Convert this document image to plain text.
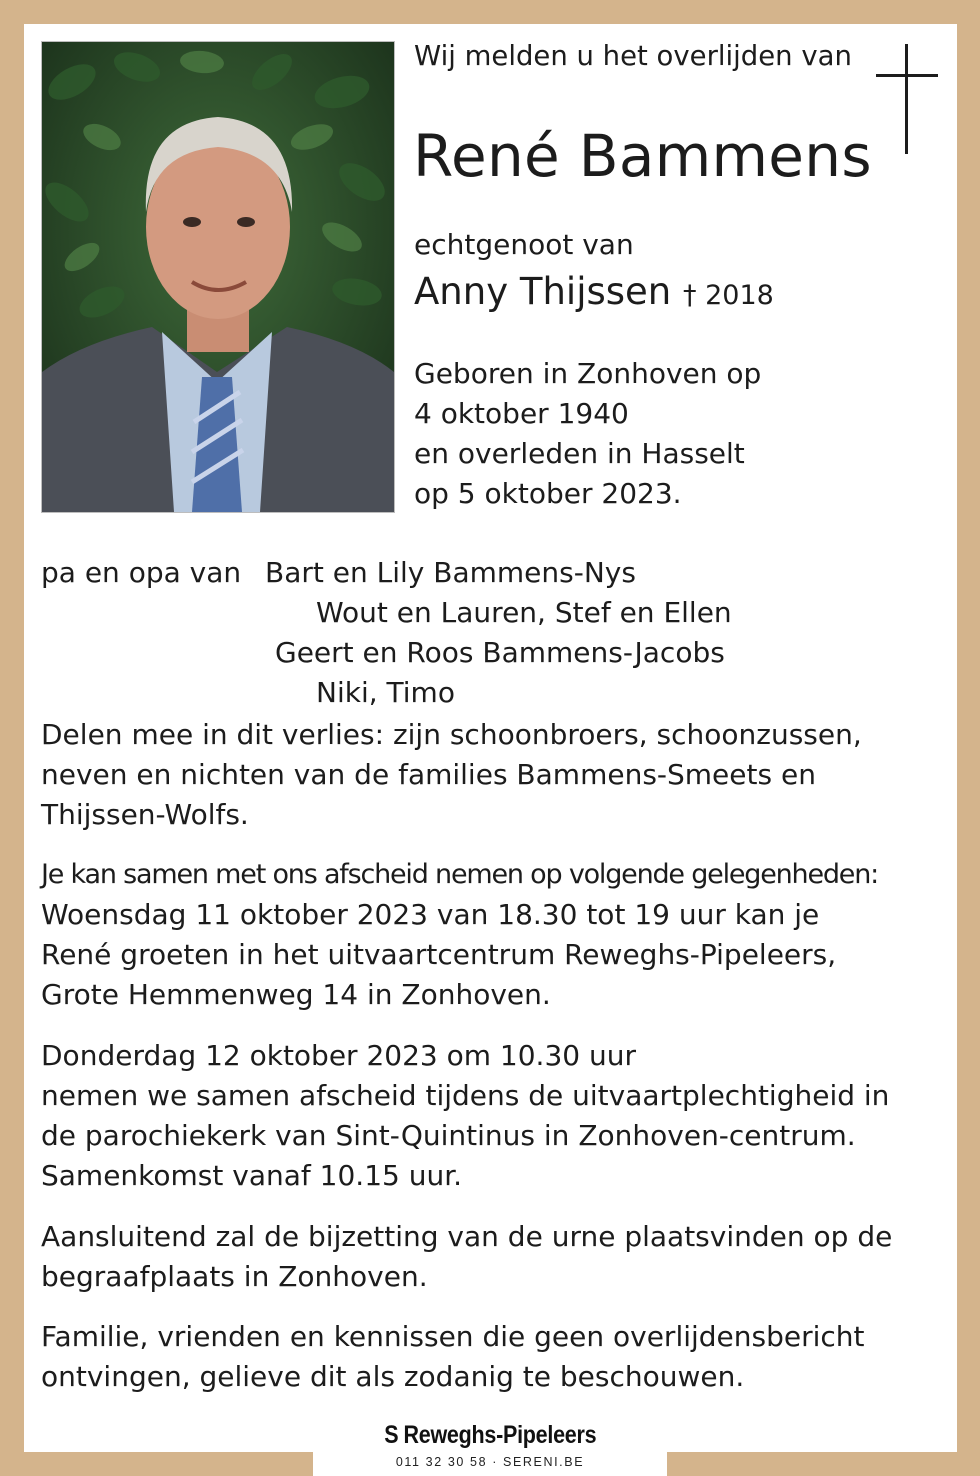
Wij melden u het overlijden van
René Bammens
echtgenoot van
Anny Thijssen † 2018
Geboren in Zonhoven op
4 oktober 1940
en overleden in Hasselt
op 5 oktober 2023.
pa en opa van Bart en Lily Bammens-Nys
Wout en Lauren, Stef en Ellen
Geert en Roos Bammens-Jacobs
Niki, Timo
Delen mee in dit verlies: zijn schoonbroers, schoonzussen,
neven en nichten van de families Bammens-Smeets en
Thijssen-Wolfs.
Je kan samen met ons afscheid nemen op volgende gelegenheden:
Woensdag 11 oktober 2023 van 18.30 tot 19 uur kan je
René groeten in het uitvaartcentrum Reweghs-Pipeleers,
Grote Hemmenweg 14 in Zonhoven.
Donderdag 12 oktober 2023 om 10.30 uur
nemen we samen afscheid tijdens de uitvaartplechtigheid in
de parochiekerk van Sint-Quintinus in Zonhoven-centrum.
Samenkomst vanaf 10.15 uur.
Aansluitend zal de bijzetting van de urne plaatsvinden op de
begraafplaats in Zonhoven.
Familie, vrienden en kennissen die geen overlijdensbericht
ontvingen, gelieve dit als zodanig te beschouwen.
S Reweghs-Pipeleers
011 32 30 58 · SERENI.BE
